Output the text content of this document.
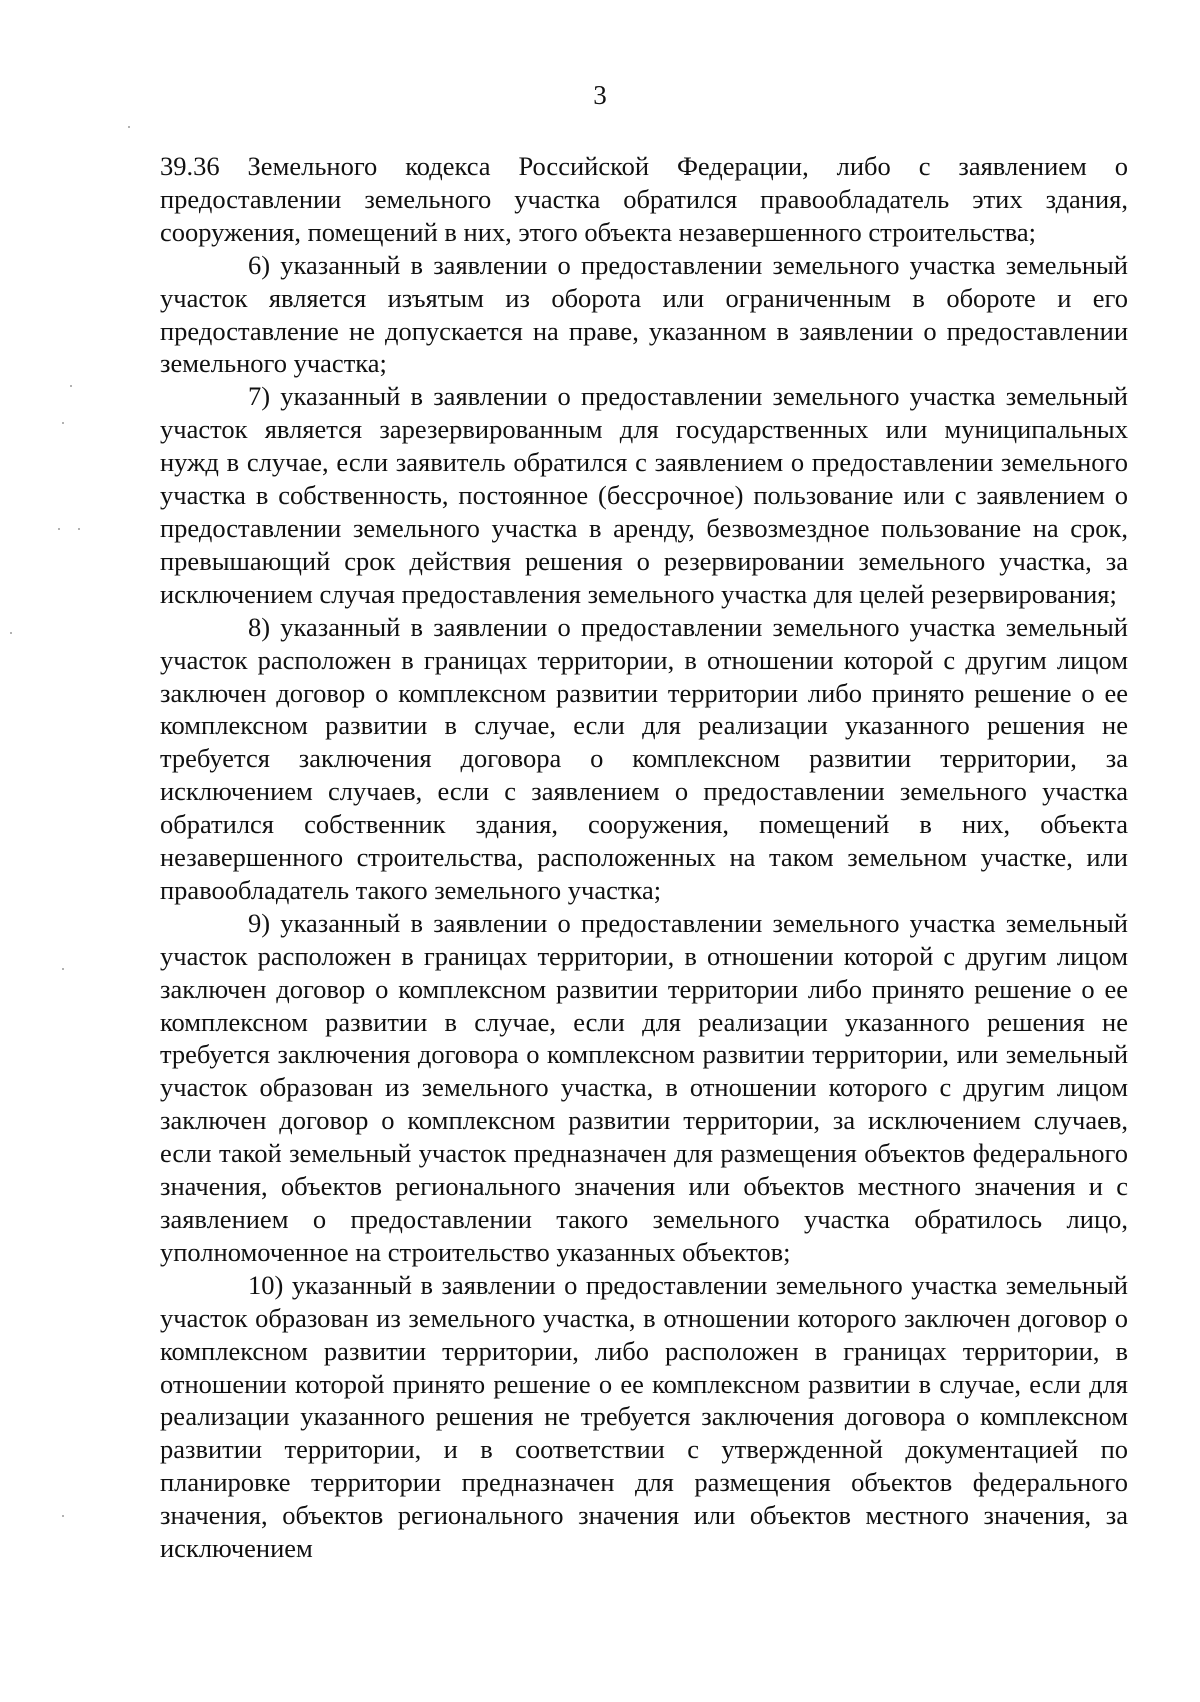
3

39.36 Земельного кодекса Российской Федерации, либо с заявлением о предоставлении земельного участка обратился правообладатель этих здания, сооружения, помещений в них, этого объекта незавершенного строительства;

6) указанный в заявлении о предоставлении земельного участка земельный участок является изъятым из оборота или ограниченным в обороте и его предоставление не допускается на праве, указанном в заявлении о предоставлении земельного участка;

7) указанный в заявлении о предоставлении земельного участка земельный участок является зарезервированным для государственных или муниципальных нужд в случае, если заявитель обратился с заявлением о предоставлении земельного участка в собственность, постоянное (бессрочное) пользование или с заявлением о предоставлении земельного участка в аренду, безвозмездное пользование на срок, превышающий срок действия решения о резервировании земельного участка, за исключением случая предоставления земельного участка для целей резервирования;

8) указанный в заявлении о предоставлении земельного участка земельный участок расположен в границах территории, в отношении которой с другим лицом заключен договор о комплексном развитии территории либо принято решение о ее комплексном развитии в случае, если для реализации указанного решения не требуется заключения договора о комплексном развитии территории, за исключением случаев, если с заявлением о предоставлении земельного участка обратился собственник здания, сооружения, помещений в них, объекта незавершенного строительства, расположенных на таком земельном участке, или правообладатель такого земельного участка;

9) указанный в заявлении о предоставлении земельного участка земельный участок расположен в границах территории, в отношении которой с другим лицом заключен договор о комплексном развитии территории либо принято решение о ее комплексном развитии в случае, если для реализации указанного решения не требуется заключения договора о комплексном развитии территории, или земельный участок образован из земельного участка, в отношении которого с другим лицом заключен договор о комплексном развитии территории, за исключением случаев, если такой земельный участок предназначен для размещения объектов федерального значения, объектов регионального значения или объектов местного значения и с заявлением о предоставлении такого земельного участка обратилось лицо, уполномоченное на строительство указанных объектов;

10) указанный в заявлении о предоставлении земельного участка земельный участок образован из земельного участка, в отношении которого заключен договор о комплексном развитии территории, либо расположен в границах территории, в отношении которой принято решение о ее комплексном развитии в случае, если для реализации указанного решения не требуется заключения договора о комплексном развитии территории, и в соответствии с утвержденной документацией по планировке территории предназначен для размещения объектов федерального значения, объектов регионального значения или объектов местного значения, за исключением
